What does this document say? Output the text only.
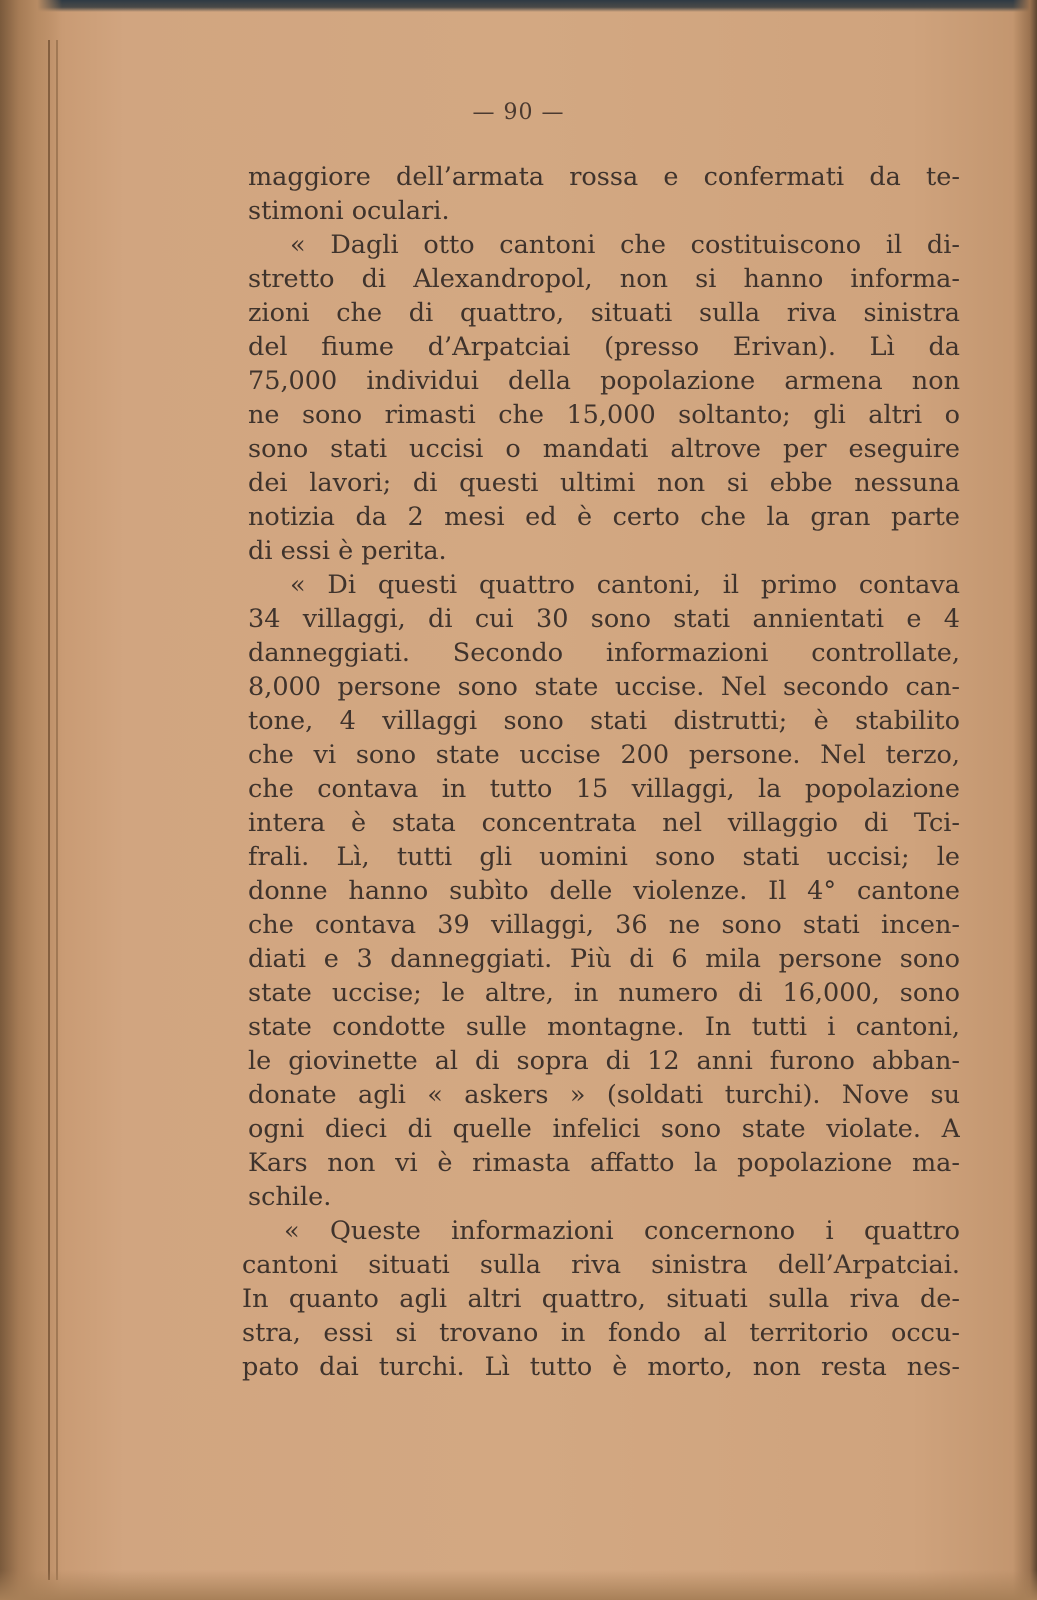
— 90 —
maggiore dell’armata rossa e confermati da te-
stimoni oculari.
« Dagli otto cantoni che costituiscono il di-
stretto di Alexandropol, non si hanno informa-
zioni che di quattro, situati sulla riva sinistra
del fiume d’Arpatciai (presso Erivan). Lì da
75,000 individui della popolazione armena non
ne sono rimasti che 15,000 soltanto; gli altri o
sono stati uccisi o mandati altrove per eseguire
dei lavori; di questi ultimi non si ebbe nessuna
notizia da 2 mesi ed è certo che la gran parte
di essi è perita.
« Di questi quattro cantoni, il primo contava
34 villaggi, di cui 30 sono stati annientati e 4
danneggiati. Secondo informazioni controllate,
8,000 persone sono state uccise. Nel secondo can-
tone, 4 villaggi sono stati distrutti; è stabilito
che vi sono state uccise 200 persone. Nel terzo,
che contava in tutto 15 villaggi, la popolazione
intera è stata concentrata nel villaggio di Tci-
frali. Lì, tutti gli uomini sono stati uccisi; le
donne hanno subìto delle violenze. Il 4° cantone
che contava 39 villaggi, 36 ne sono stati incen-
diati e 3 danneggiati. Più di 6 mila persone sono
state uccise; le altre, in numero di 16,000, sono
state condotte sulle montagne. In tutti i cantoni,
le giovinette al di sopra di 12 anni furono abban-
donate agli « askers » (soldati turchi). Nove su
ogni dieci di quelle infelici sono state violate. A
Kars non vi è rimasta affatto la popolazione ma-
schile.
« Queste informazioni concernono i quattro
cantoni situati sulla riva sinistra dell’Arpatciai.
In quanto agli altri quattro, situati sulla riva de-
stra, essi si trovano in fondo al territorio occu-
pato dai turchi. Lì tutto è morto, non resta nes-
